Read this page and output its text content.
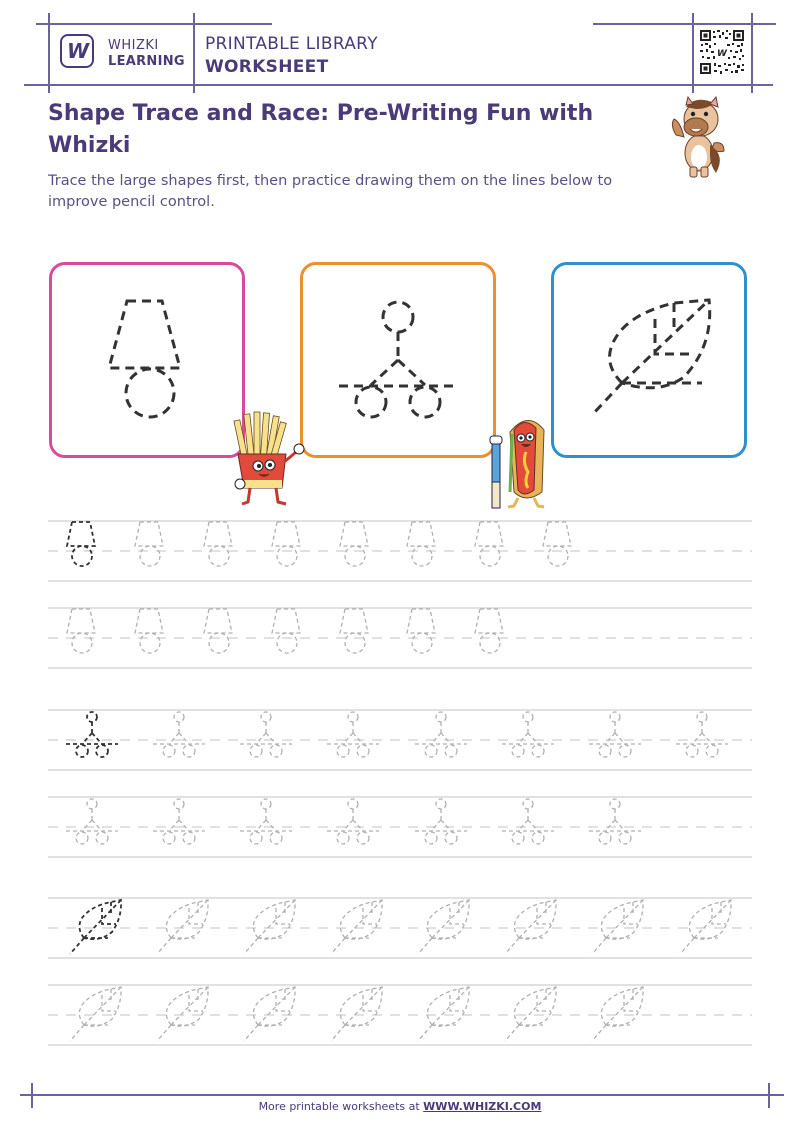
W WHIZKI
LEARNING
PRINTABLE LIBRARY
WORKSHEET
W
Shape Trace and Race: Pre-Writing Fun with Whizki
Trace the large shapes first, then practice drawing them on the lines below to improve pencil control.
More printable worksheets at WWW.WHIZKI.COM
